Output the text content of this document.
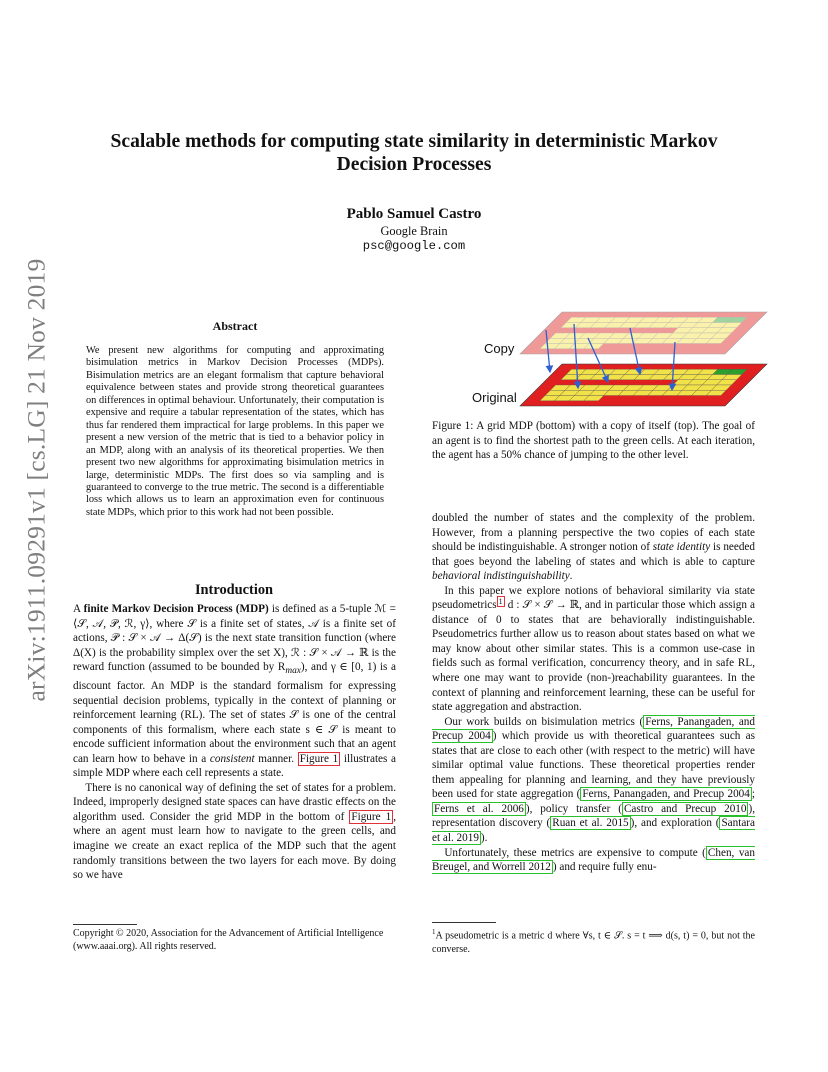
arXiv:1911.09291v1 [cs.LG] 21 Nov 2019
Scalable methods for computing state similarity in deterministic Markov Decision Processes
Pablo Samuel Castro
Google Brain
psc@google.com
Abstract

We present new algorithms for computing and approximating bisimulation metrics in Markov Decision Processes (MDPs). Bisimulation metrics are an elegant formalism that capture behavioral equivalence between states and provide strong theoretical guarantees on differences in optimal behaviour. Unfortunately, their computation is expensive and require a tabular representation of the states, which has thus far rendered them impractical for large problems. In this paper we present a new version of the metric that is tied to a behavior policy in an MDP, along with an analysis of its theoretical properties. We then present two new algorithms for approximating bisimulation metrics in large, deterministic MDPs. The first does so via sampling and is guaranteed to converge to the true metric. The second is a differentiable loss which allows us to learn an approximation even for continuous state MDPs, which prior to this work had not been possible.

Copy
Original

Figure 1: A grid MDP (bottom) with a copy of itself (top). The goal of an agent is to find the shortest path to the green cells. At each iteration, the agent has a 50% chance of jumping to the other level.

Introduction

A finite Markov Decision Process (MDP) is defined as a 5-tuple ℳ = ⟨𝒮, 𝒜, 𝒫, ℛ, γ⟩, where 𝒮 is a finite set of states, 𝒜 is a finite set of actions, 𝒫 : 𝒮 × 𝒜 → Δ(𝒮) is the next state transition function (where Δ(X) is the probability simplex over the set X), ℛ : 𝒮 × 𝒜 → ℝ is the reward function (assumed to be bounded by $R_{max}$), and γ ∈ [0, 1) is a discount factor. An MDP is the standard formalism for expressing sequential decision problems, typically in the context of planning or reinforcement learning (RL). The set of states 𝒮 is one of the central components of this formalism, where each state s ∈ 𝒮 is meant to encode sufficient information about the environment such that an agent can learn how to behave in a consistent manner. Figure 1 illustrates a simple MDP where each cell represents a state.

There is no canonical way of defining the set of states for a problem. Indeed, improperly designed state spaces can have drastic effects on the algorithm used. Consider the grid MDP in the bottom of Figure 1 , where an agent must learn how to navigate to the green cells, and imagine we create an exact replica of the MDP such that the agent randomly transitions between the two layers for each move. By doing so we have

doubled the number of states and the complexity of the problem. However, from a planning perspective the two copies of each state should be indistinguishable. A stronger notion of state identity is needed that goes beyond the labeling of states and which is able to capture behavioral indistinguishability.

In this paper we explore notions of behavioral similarity via state pseudometrics $^1$ d : 𝒮 × 𝒮 → ℝ, and in particular those which assign a distance of 0 to states that are behaviorally indistinguishable. Pseudometrics further allow us to reason about states based on what we may know about other similar states. This is a common use-case in fields such as formal verification, concurrency theory, and in safe RL, where one may want to provide (non-)reachability guarantees. In the context of planning and reinforcement learning, these can be useful for state aggregation and abstraction.

Our work builds on bisimulation metrics ( Ferns, Panangaden, and Precup 2004 ) which provide us with theoretical guarantees such as states that are close to each other (with respect to the metric) will have similar optimal value functions. These theoretical properties render them appealing for planning and learning, and they have previously been used for state aggregation ( Ferns, Panangaden, and Precup 2004 ; Ferns et al. 2006 ), policy transfer ( Castro and Precup 2010 ), representation discovery ( Ruan et al. 2015 ), and exploration ( Santara et al. 2019 ).

Unfortunately, these metrics are expensive to compute ( Chen, van Breugel, and Worrell 2012 ) and require fully enu-

Copyright © 2020, Association for the Advancement of Artificial Intelligence (www.aaai.org). All rights reserved.

$^1$A pseudometric is a metric d where ∀s, t ∈ 𝒮. s = t ⟹ d(s, t) = 0, but not the converse.
